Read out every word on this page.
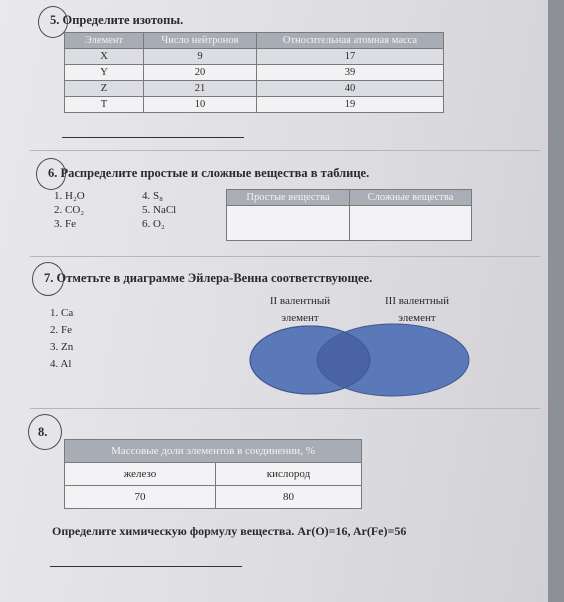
5. Определите изотопы.
Элемент	Число нейтронов	Относительная атомная масса
X	9	17
Y	20	39
Z	21	40
T	10	19
6. Распределите простые и сложные вещества в таблице.
1. H₂O
2. CO₂
3. Fe
4. S₈
5. NaCl
6. O₂
Простые вещества	Сложные вещества

7. Отметьте в диаграмме Эйлера-Венна соответствующее.
1. Ca
2. Fe
3. Zn
4. Al
II валентный
элемент
III валентный
элемент
8.
Массовые доли элементов в соединении, %	
железо	кислород
70	80
Определите химическую формулу вещества. Ar(O)=16, Ar(Fe)=56
